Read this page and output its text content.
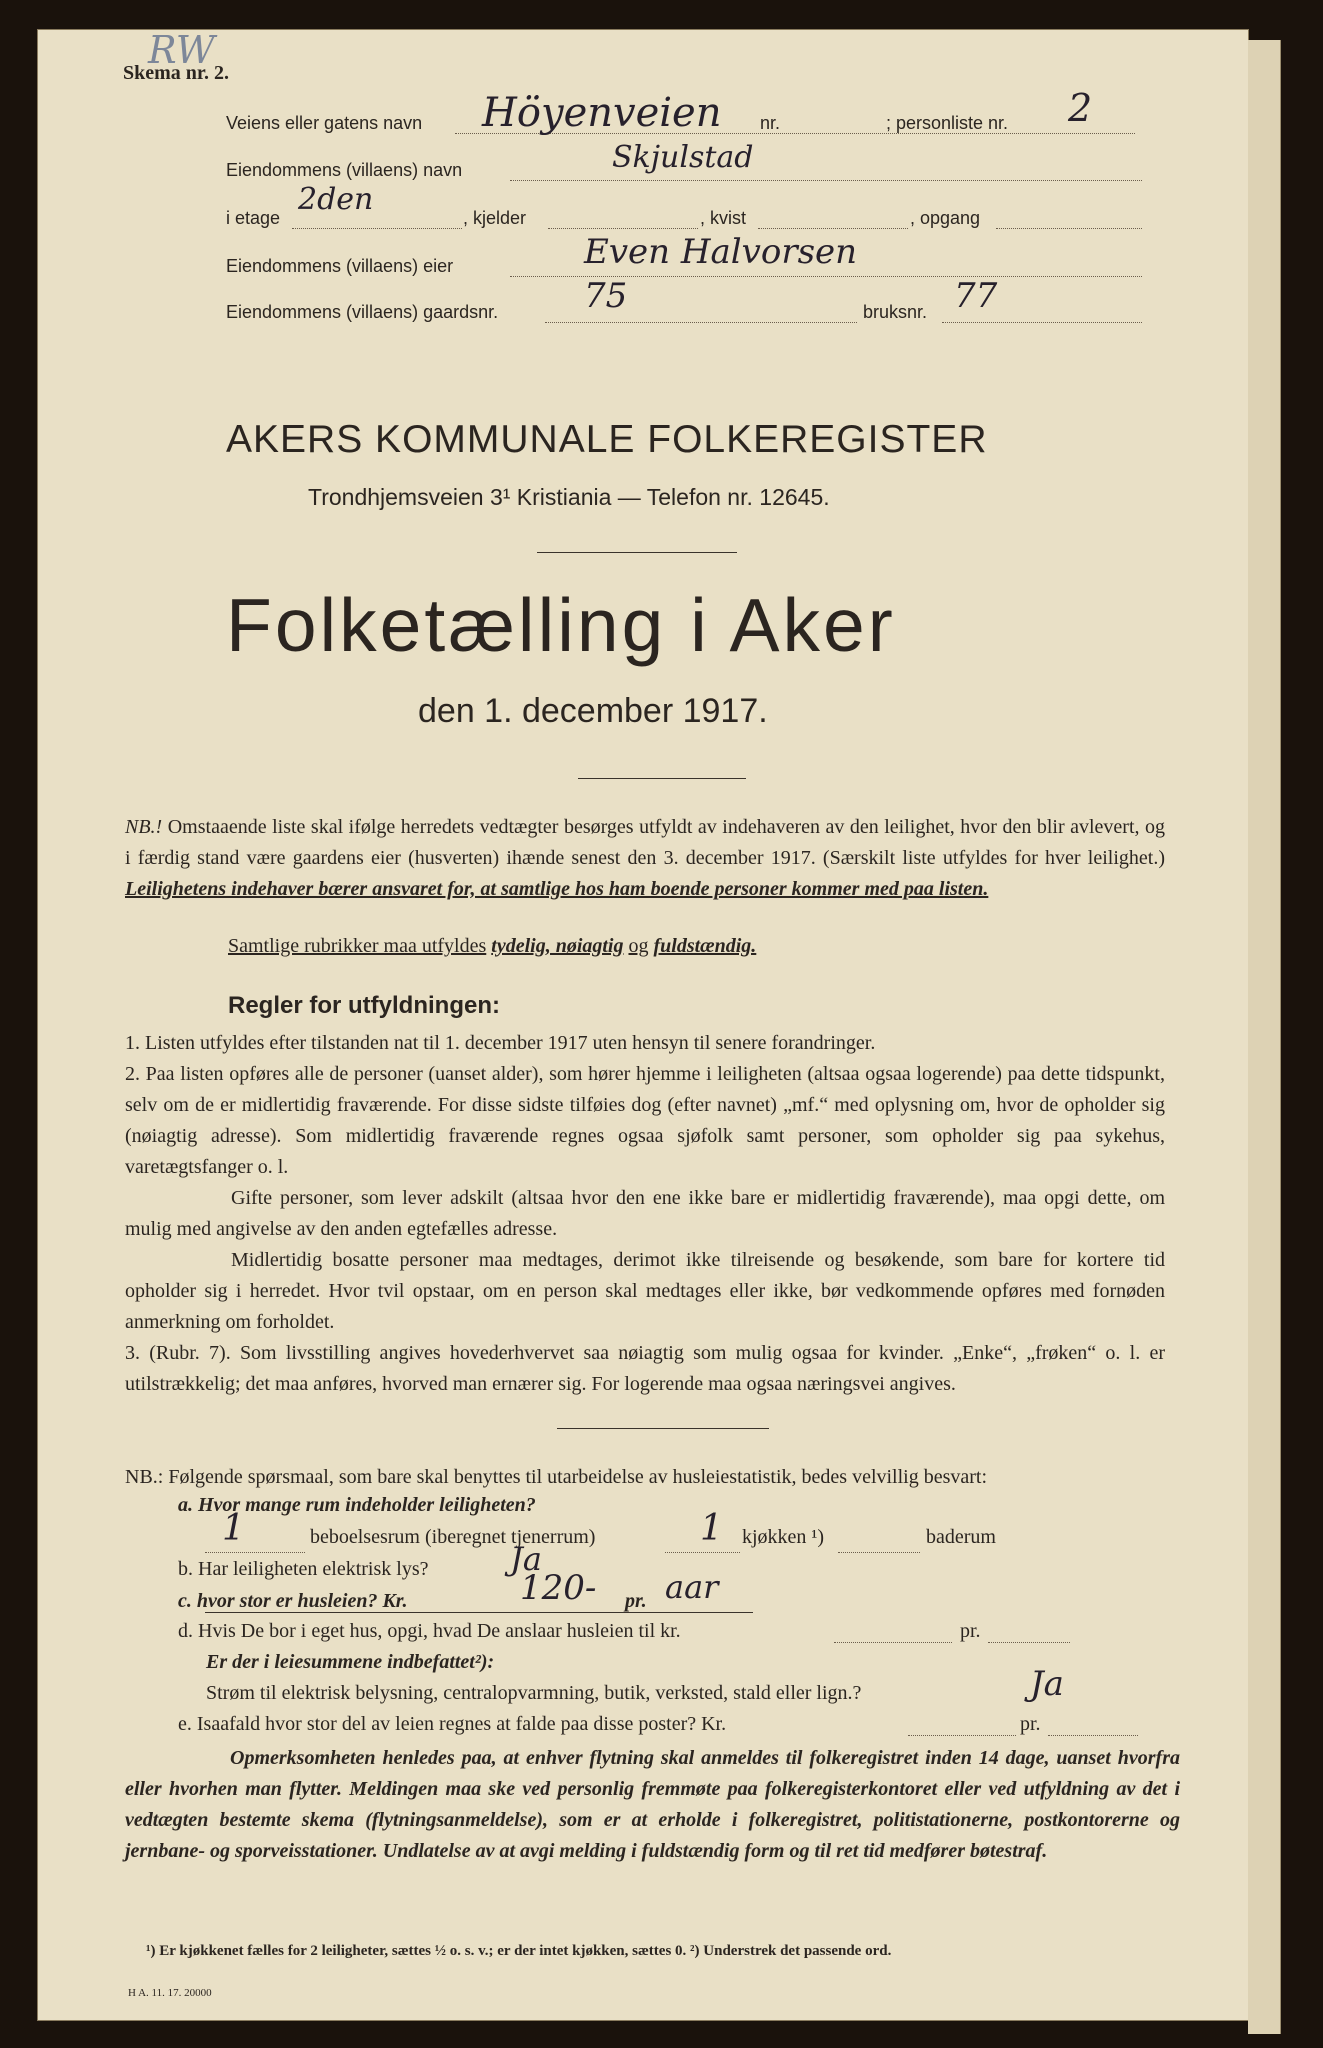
Skema nr. 2.
RW
Veiens eller gatens navn Höyenveien nr.	; personliste nr. 2
Eiendommens (villaens) navn	Skjulstad
i etage
2den
, kjelder	, kvist	, opgang
Eiendommens (villaens) eier	Even Halvorsen
Eiendommens (villaens) gaardsnr.	75	bruksnr. 77
AKERS KOMMUNALE FOLKEREGISTER
Trondhjemsveien 3¹ Kristiania — Telefon nr. 12645.
Folketælling i Aker
den 1. december 1917.
NB.! Omstaaende liste skal ifølge herredets vedtægter besørges utfyldt av indehaveren av den leilighet, hvor den blir avlevert, og i færdig stand være gaardens eier (husverten) ihænde senest den 3. december 1917. (Særskilt liste utfyldes for hver leilighet.) Leilighetens indehaver bærer ansvaret for, at samtlige hos ham boende personer kommer med paa listen.
Samtlige rubrikker maa utfyldes tydelig, nøiagtig og fuldstændig.
Regler for utfyldningen:
1. Listen utfyldes efter tilstanden nat til 1. december 1917 uten hensyn til senere forandringer.
2. Paa listen opføres alle de personer (uanset alder), som hører hjemme i leiligheten (altsaa ogsaa logerende) paa dette tidspunkt, selv om de er midlertidig fraværende. For disse sidste tilføies dog (efter navnet) „mf.“ med oplysning om, hvor de opholder sig (nøiagtig adresse). Som midlertidig fraværende regnes ogsaa sjøfolk samt personer, som opholder sig paa sykehus, varetægtsfanger o. l.
Gifte personer, som lever adskilt (altsaa hvor den ene ikke bare er midlertidig fraværende), maa opgi dette, om mulig med angivelse av den anden egtefælles adresse.
Midlertidig bosatte personer maa medtages, derimot ikke tilreisende og besøkende, som bare for kortere tid opholder sig i herredet. Hvor tvil opstaar, om en person skal medtages eller ikke, bør vedkommende opføres med fornøden anmerkning om forholdet.
3. (Rubr. 7). Som livsstilling angives hovederhvervet saa nøiagtig som mulig ogsaa for kvinder. „Enke“, „frøken“ o. l. er utilstrækkelig; det maa anføres, hvorved man ernærer sig. For logerende maa ogsaa næringsvei angives.
NB.: Følgende spørsmaal, som bare skal benyttes til utarbeidelse av husleiestatistik, bedes velvillig besvart:
a. Hvor mange rum indeholder leiligheten?
1	beboelsesrum (iberegnet tjenerrum)	1 kjøkken ¹)	baderum
b. Har leiligheten elektrisk lys?	Ja
c. hvor stor er husleien? Kr.	120- pr. aar
d. Hvis De bor i eget hus, opgi, hvad De anslaar husleien til kr.	pr.
Er der i leiesummene indbefattet²):
Strøm til elektrisk belysning, centralopvarmning, butik, verksted, stald eller lign.?	Ja
e. Isaafald hvor stor del av leien regnes at falde paa disse poster? Kr.	pr.
Opmerksomheten henledes paa, at enhver flytning skal anmeldes til folkeregistret inden 14 dage, uanset hvorfra eller hvorhen man flytter. Meldingen maa ske ved personlig fremmøte paa folkeregisterkontoret eller ved utfyldning av det i vedtægten bestemte skema (flytningsanmeldelse), som er at erholde i folkeregistret, politistationerne, postkontorerne og jernbane- og sporveisstationer. Undlatelse av at avgi melding i fuldstændig form og til ret tid medfører bøtestraf.
¹) Er kjøkkenet fælles for 2 leiligheter, sættes ½ o. s. v.; er der intet kjøkken, sættes 0. ²) Understrek det passende ord.
H A. 11. 17. 20000
